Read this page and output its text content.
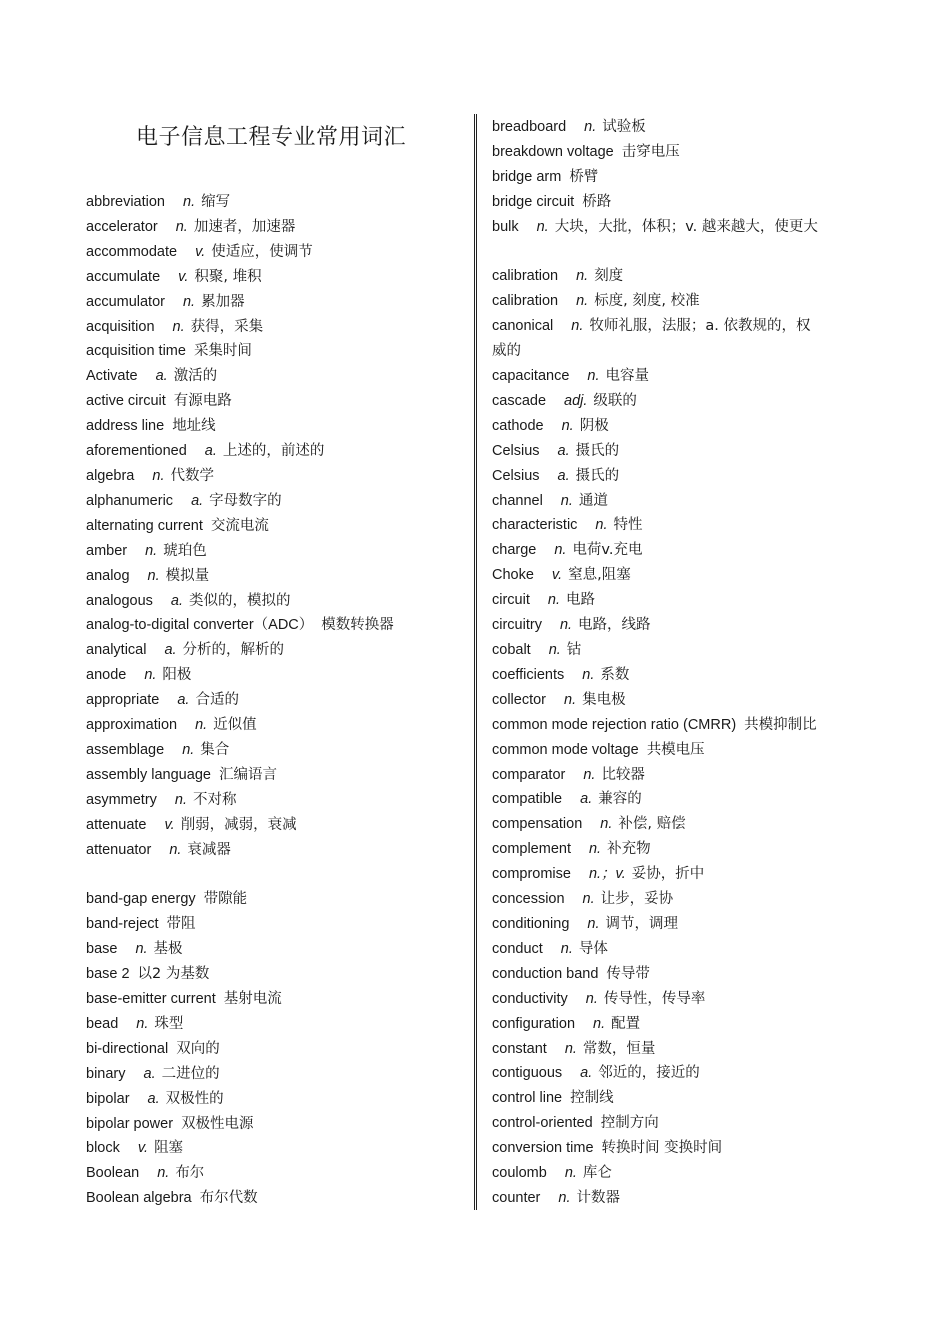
电子信息工程专业常用词汇
abbreviation n. 缩写
accelerator n. 加速者，加速器
accommodate v. 使适应，使调节
accumulate v. 积聚, 堆积
accumulator n. 累加器
acquisition n. 获得，采集
acquisition time 采集时间
Activate a. 激活的
active circuit 有源电路
address line 地址线
aforementioned a. 上述的，前述的
algebra n. 代数学
alphanumeric a. 字母数字的
alternating current 交流电流
amber n. 琥珀色
analog n. 模拟量
analogous a. 类似的，模拟的
analog-to-digital converter（ADC） 模数转换器
analytical a. 分析的，解析的
anode n. 阳极
appropriate a. 合适的
approximation n. 近似值
assemblage n. 集合
assembly language 汇编语言
asymmetry n. 不对称
attenuate v. 削弱，减弱，衰减
attenuator n. 衰减器
band-gap energy 带隙能
band-reject 带阻
base n. 基极
base 2 以2 为基数
base-emitter current 基射电流
bead n. 珠型
bi-directional 双向的
binary a. 二进位的
bipolar a. 双极性的
bipolar power 双极性电源
block v. 阻塞
Boolean n. 布尔
Boolean algebra 布尔代数
breadboard n. 试验板
breakdown voltage 击穿电压
bridge arm 桥臂
bridge circuit 桥路
bulk n. 大块，大批，体积；v. 越来越大，使更大
calibration n. 刻度
calibration n. 标度, 刻度, 校准
canonical n. 牧师礼服，法服；a. 依教规的，权
威的
capacitance n. 电容量
cascade adj. 级联的
cathode n. 阴极
Celsius a. 摄氏的
Celsius a. 摄氏的
channel n. 通道
characteristic n. 特性
charge n. 电荷v.充电
Choke v. 窒息,阻塞
circuit n. 电路
circuitry n. 电路，线路
cobalt n. 钴
coefficients n. 系数
collector n. 集电极
common mode rejection ratio (CMRR) 共模抑制比
common mode voltage 共模电压
comparator n. 比较器
compatible a. 兼容的
compensation n. 补偿, 赔偿
complement n. 补充物
compromise n.；v. 妥协，折中
concession n. 让步，妥协
conditioning n. 调节，调理
conduct n. 导体
conduction band 传导带
conductivity n. 传导性，传导率
configuration n. 配置
constant n. 常数，恒量
contiguous a. 邻近的，接近的
control line 控制线
control-oriented 控制方向
conversion time 转换时间 变换时间
coulomb n. 库仑
counter n. 计数器
